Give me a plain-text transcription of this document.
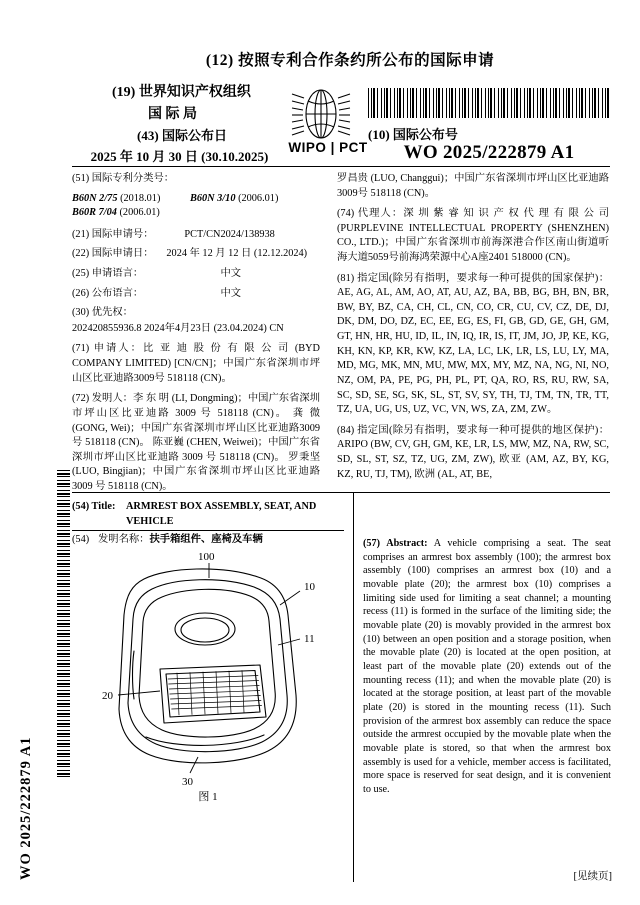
WO 2025/222879 A1
(12) 按照专利合作条约所公布的国际申请
(19) 世界知识产权组织
国 际 局
(43) 国际公布日
2025 年 10 月 30 日 (30.10.2025)
WIPO | PCT
(10) 国际公布号
WO 2025/222879 A1

(51) 国际专利分类号：

B60N 2/75 (2018.01)	B60N 3/10 (2006.01)
B60R 7/04 (2006.01)
(21) 国际申请号：	PCT/CN2024/138938
(22) 国际申请日： 2024 年 12 月 12 日 (12.12.2024)
(25) 申请语言：	中文
(26) 公布语言：	中文

(30) 优先权：

202420855936.8 2024年4月23日 (23.04.2024) CN

(71) 申请人：比 亚 迪 股 份 有 限 公 司 (BYD COMPANY LIMITED) [CN/CN]；中国广东省深圳市坪山区比亚迪路3009号 518118 (CN)。
(72) 发明人：李 东 明 (LI, Dongming)；中国广东省深圳市坪山区比亚迪路 3009 号 518118 (CN)。 龚 微 (GONG, Wei)；中国广东省深圳市坪山区比亚迪路3009 号 518118 (CN)。 陈亚巍 (CHEN, Weiwei)；中国广东省深圳市坪山区比亚迪路 3009 号 518118 (CN)。 罗秉坚 (LUO, Bingjian)；中国广东省深圳市坪山区比亚迪路3009 号 518118 (CN)。

罗昌贵 (LUO, Changgui)；中国广东省深圳市坪山区比亚迪路3009号 518118 (CN)。

(74) 代理人：深 圳 紫 睿 知 识 产 权 代 理 有 限 公 司 (PURPLEVINE INTELLECTUAL PROPERTY (SHENZHEN) CO., LTD.)；中国广东省深圳市前海深港合作区南山街道听海大道5059号前海鸿荣源中心A座2401 518000 (CN)。
(81) 指定国(除另有指明，要求每一种可提供的国家保护)：AE, AG, AL, AM, AO, AT, AU, AZ, BA, BB, BG, BH, BN, BR, BW, BY, BZ, CA, CH, CL, CN, CO, CR, CU, CV, CZ, DE, DJ, DK, DM, DO, DZ, EC, EE, EG, ES, FI, GB, GD, GE, GH, GM, GT, HN, HR, HU, ID, IL, IN, IQ, IR, IS, IT, JM, JO, JP, KE, KG, KH, KN, KP, KR, KW, KZ, LA, LC, LK, LR, LS, LU, LY, MA, MD, MG, MK, MN, MU, MW, MX, MY, MZ, NA, NG, NI, NO, NZ, OM, PA, PE, PG, PH, PL, PT, QA, RO, RS, RU, RW, SA, SC, SD, SE, SG, SK, SL, ST, SV, SY, TH, TJ, TM, TN, TR, TT, TZ, UA, UG, US, UZ, VC, VN, WS, ZA, ZM, ZW。
(84) 指定国(除另有指明，要求每一种可提供的地区保护)：ARIPO (BW, CV, GH, GM, KE, LR, LS, MW, MZ, NA, RW, SC, SD, SL, ST, SZ, TZ, UG, ZM, ZW), 欧亚 (AM, AZ, BY, KG, KZ, RU, TJ, TM), 欧洲 (AL, AT, BE,
(54) Title:	ARMREST BOX ASSEMBLY, SEAT, AND VEHICLE
(54) 发明名称：扶手箱组件、座椅及车辆
100
10
11
20
30
图 1
(57) Abstract: A vehicle comprising a seat. The seat comprises an armrest box assembly (100); the armrest box assembly (100) comprises an armrest box (10) and a movable plate (20); the armrest box (10) comprises a limiting side used for limiting a seat channel; a mounting recess (11) is formed in the surface of the limiting side; the movable plate (20) is movably provided in the armrest box (10) between an open position and a storage position, when the movable plate (20) is located at the open position, at least part of the movable plate (20) extends out of the mounting recess (11); and when the movable plate (20) is located at the storage position, at least part of the movable plate (20) is stored in the mounting recess (11). Such provision of the armrest box assembly can reduce the space outside the armrest occupied by the movable plate when the movable plate is stored, so that when the armrest box assembly is used for a vehicle, member access is facilitated, more space is reserved for seat design, and it is convenient to use.
[见续页]
